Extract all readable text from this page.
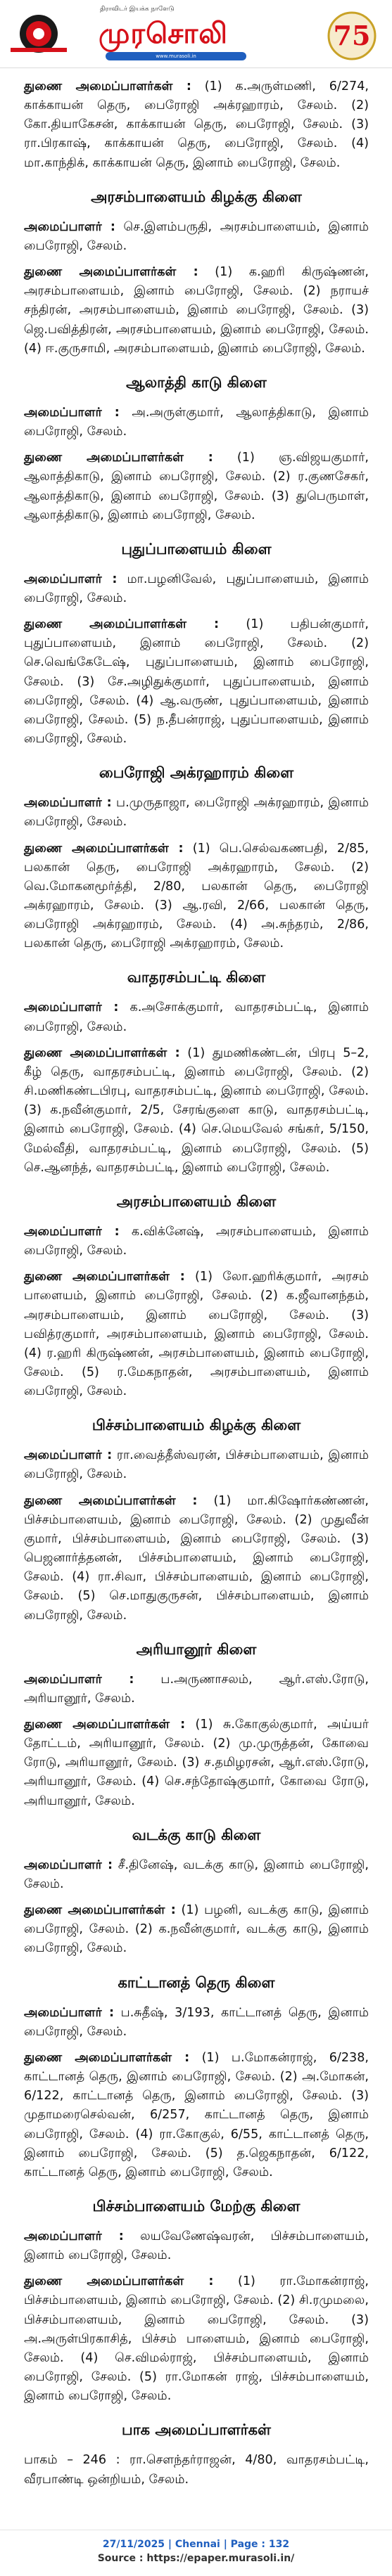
திராவிடர் இயக்க நாளேடு
முரசொலி
www.murasoli.in
75

துணை அமைப்பாளர்கள் : (1) க.அருள்மணி, 6/274, காக்காயன் தெரு, பைரோஜி அக்ரஹாரம், சேலம். (2) கோ.தியாகேசன், காக்காயன் தெரு, பைரோஜி, சேலம். (3) ரா.பிரகாஷ், காக்காயன் தெரு, பைரோஜி, சேலம். (4) மா.காந்திக், காக்காயன் தெரு, இனாம் பைரோஜி, சேலம்.

அரசம்பாளையம் கிழக்கு கிளை

அமைப்பாளர் : செ.இளம்பருதி, அரசம்பாளையம், இனாம் பைரோஜி, சேலம்.

துணை அமைப்பாளர்கள் : (1) க.ஹரி கிருஷ்ணன், அரசம்பாளையம், இனாம் பைரோஜி, சேலம். (2) நராயச் சந்திரன், அரசம்பாளையம், இனாம் பைரோஜி, சேலம். (3) ஜெ.பவித்திரன், அரசம்பாளையம், இனாம் பைரோஜி, சேலம். (4) ஈ.குருசாமி, அரசம்பாளையம், இனாம் பைரோஜி, சேலம்.

ஆலாத்தி காடு கிளை

அமைப்பாளர் : அ.அருள்குமார், ஆலாத்திகாடு, இனாம் பைரோஜி, சேலம்.

துணை அமைப்பாளர்கள் : (1) ஞ.விஜயகுமார், ஆலாத்திகாடு, இனாம் பைரோஜி, சேலம். (2) ர.குணசேகர், ஆலாத்திகாடு, இனாம் பைரோஜி, சேலம். (3) துபெருமாள், ஆலாத்திகாடு, இனாம் பைரோஜி, சேலம்.

புதுப்பாளையம் கிளை

அமைப்பாளர் : மா.பழனிவேல், புதுப்பாளையம், இனாம் பைரோஜி, சேலம்.

துணை அமைப்பாளர்கள் : (1) பதிபன்குமார், புதுப்பாளையம், இனாம் பைரோஜி, சேலம். (2) செ.வெங்கேடேஷ், புதுப்பாளையம், இனாம் பைரோஜி, சேலம். (3) சே.அழிதுக்குமார், புதுப்பாளையம், இனாம் பைரோஜி, சேலம். (4) ஆ.வருண், புதுப்பாளையம், இனாம் பைரோஜி, சேலம். (5) ந.தீபன்ராஜ், புதுப்பாளையம், இனாம் பைரோஜி, சேலம்.

பைரோஜி அக்ரஹாரம் கிளை

அமைப்பாளர் : ப.முருதாஜா, பைரோஜி அக்ரஹாரம், இனாம் பைரோஜி, சேலம்.

துணை அமைப்பாளர்கள் : (1) பெ.செல்வகணபதி, 2/85, பலகான் தெரு, பைரோஜி அக்ரஹாரம், சேலம். (2) வெ.மோகனமூர்த்தி, 2/80, பலகான் தெரு, பைரோஜி அக்ரஹாரம், சேலம். (3) ஆ.ரவி, 2/66, பலகான் தெரு, பைரோஜி அக்ரஹாரம், சேலம். (4) அ.சுந்தரம், 2/86, பலகான் தெரு, பைரோஜி அக்ரஹாரம், சேலம்.

வாதரசம்பட்டி கிளை

அமைப்பாளர் : க.அசோக்குமார், வாதரசம்பட்டி, இனாம் பைரோஜி, சேலம்.

துணை அமைப்பாளர்கள் : (1) துமணிகண்டன், பிரபு 5–2, கீழ் தெரு, வாதரசம்பட்டி, இனாம் பைரோஜி, சேலம். (2) சி.மணிகண்டபிரபு, வாதரசம்பட்டி, இனாம் பைரோஜி, சேலம். (3) க.நவீன்குமார், 2/5, சேரங்குளை காடு, வாதரசம்பட்டி, இனாம் பைரோஜி, சேலம். (4) செ.மெயவேல் சங்கர், 5/150, மேல்வீதி, வாதரசம்பட்டி, இனாம் பைரோஜி, சேலம். (5) செ.ஆனந்த், வாதரசம்பட்டி, இனாம் பைரோஜி, சேலம்.

அரசம்பாளையம் கிளை

அமைப்பாளர் : க.விக்னேஷ், அரசம்பாளையம், இனாம் பைரோஜி, சேலம்.

துணை அமைப்பாளர்கள் : (1) லோ.ஹரிக்குமார், அரசம் பாளையம், இனாம் பைரோஜி, சேலம். (2) க.ஜீவானந்தம், அரசம்பாளையம், இனாம் பைரோஜி, சேலம். (3) பவித்ரகுமார், அரசம்பாளையம், இனாம் பைரோஜி, சேலம். (4) ர.ஹரி கிருஷ்ணன், அரசம்பாளையம், இனாம் பைரோஜி, சேலம். (5) ர.மேகநாதன், அரசம்பாளையம், இனாம் பைரோஜி, சேலம்.

பிச்சம்பாளையம் கிழக்கு கிளை

அமைப்பாளர் : ரா.வைத்தீஸ்வரன், பிச்சம்பாளையம், இனாம் பைரோஜி, சேலம்.

துணை அமைப்பாளர்கள் : (1) மா.கிஷோர்கண்ணன், பிச்சம்பாளையம், இனாம் பைரோஜி, சேலம். (2) முதுவீன் குமார், பிச்சம்பாளையம், இனாம் பைரோஜி, சேலம். (3) பெஜனார்த்தனன், பிச்சம்பாளையம், இனாம் பைரோஜி, சேலம். (4) ரா.சிவா, பிச்சம்பாளையம், இனாம் பைரோஜி, சேலம். (5) செ.மாதுகுருசன், பிச்சம்பாளையம், இனாம் பைரோஜி, சேலம்.

அரியானூர் கிளை

அமைப்பாளர் : ப.அருணாசலம், ஆர்.எஸ்.ரோடு, அரியானூர், சேலம்.

துணை அமைப்பாளர்கள் : (1) சு.கோகுல்குமார், அய்யர் தோட்டம், அரியானூர், சேலம். (2) மு.முருத்தன், கோவை ரோடு, அரியானூர், சேலம். (3) ச.தமிழரசன், ஆர்.எஸ்.ரோடு, அரியானூர், சேலம். (4) செ.சந்தோஷ்குமார், கோவை ரோடு, அரியானூர், சேலம்.

வடக்கு காடு கிளை

அமைப்பாளர் : சீ.தினேஷ், வடக்கு காடு, இனாம் பைரோஜி, சேலம்.

துணை அமைப்பாளர்கள் : (1) பழனி, வடக்கு காடு, இனாம் பைரோஜி, சேலம். (2) க.நவீன்குமார், வடக்கு காடு, இனாம் பைரோஜி, சேலம்.

காட்டானத் தெரு கிளை

அமைப்பாளர் : ப.சுதீஷ், 3/193, காட்டானத் தெரு, இனாம் பைரோஜி, சேலம்.

துணை அமைப்பாளர்கள் : (1) ப.மோகன்ராஜ், 6/238, காட்டானத் தெரு, இனாம் பைரோஜி, சேலம். (2) அ.மோகன், 6/122, காட்டானத் தெரு, இனாம் பைரோஜி, சேலம். (3) முதாமரைசெல்வன், 6/257, காட்டானத் தெரு, இனாம் பைரோஜி, சேலம். (4) ரா.கோகுல், 6/55, காட்டானத் தெரு, இனாம் பைரோஜி, சேலம். (5) த.ஜெகநாதன், 6/122, காட்டானத் தெரு, இனாம் பைரோஜி, சேலம்.

பிச்சம்பாளையம் மேற்கு கிளை

அமைப்பாளர் : லயவேணேஷ்வரன், பிச்சம்பாளையம், இனாம் பைரோஜி, சேலம்.

துணை அமைப்பாளர்கள் : (1) ரா.மோகன்ராஜ், பிச்சம்பாளையம், இனாம் பைரோஜி, சேலம். (2) சி.ரமுமலை, பிச்சம்பாளையம், இனாம் பைரோஜி, சேலம். (3) அ.அருள்பிரகாசித், பிச்சம் பாளையம், இனாம் பைரோஜி, சேலம். (4) செ.விமல்ராஜ், பிச்சம்பாளையம், இனாம் பைரோஜி, சேலம். (5) ரா.மோகன் ராஜ், பிச்சம்பாளையம், இனாம் பைரோஜி, சேலம்.

பாக அமைப்பாளர்கள்

பாகம் – 246 : ரா.சௌந்தர்ராஜன், 4/80, வாதரசம்பட்டி, வீரபாண்டி ஒன்றியம், சேலம்.

27/11/2025 | Chennai | Page : 132
Source : https://epaper.murasoli.in/
